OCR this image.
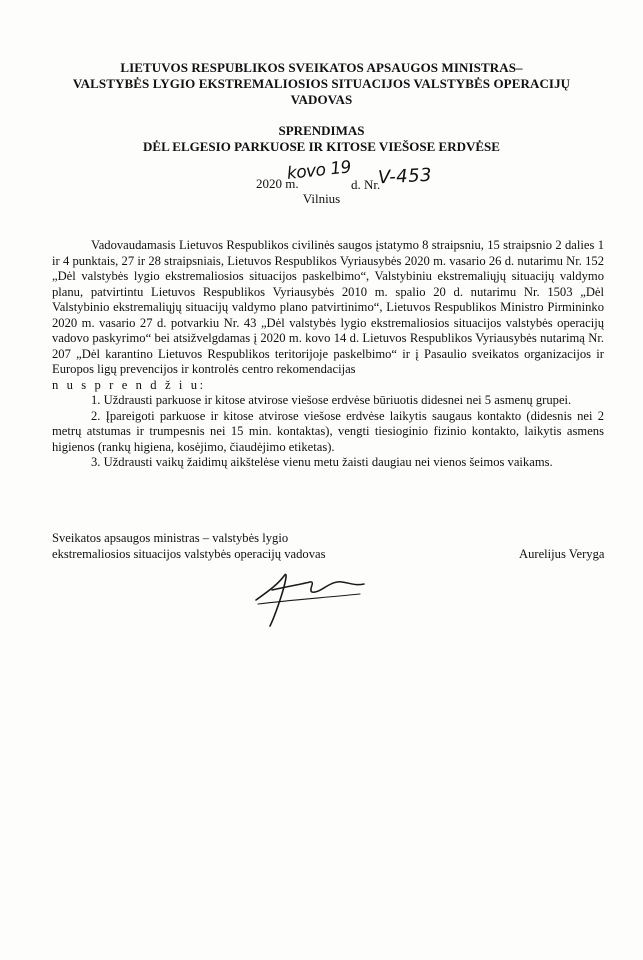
LIETUVOS RESPUBLIKOS SVEIKATOS APSAUGOS MINISTRAS–
VALSTYBĖS LYGIO EKSTREMALIOSIOS SITUACIJOS VALSTYBĖS OPERACIJŲ
VADOVAS
SPRENDIMAS
DĖL ELGESIO PARKUOSE IR KITOSE VIEŠOSE ERDVĖSE
2020 m.
kovo 19
d. Nr.
V-453
Vilnius

Vadovaudamasis Lietuvos Respublikos civilinės saugos įstatymo 8 straipsniu, 15 straipsnio 2 dalies 1 ir 4 punktais, 27 ir 28 straipsniais, Lietuvos Respublikos Vyriausybės 2020 m. vasario 26 d. nutarimu Nr. 152 „Dėl valstybės lygio ekstremaliosios situacijos paskelbimo“, Valstybiniu ekstremaliųjų situacijų valdymo planu, patvirtintu Lietuvos Respublikos Vyriausybės 2010 m. spalio 20 d. nutarimu Nr. 1503 „Dėl Valstybinio ekstremaliųjų situacijų valdymo plano patvirtinimo“, Lietuvos Respublikos Ministro Pirmininko 2020 m. vasario 27 d. potvarkiu Nr. 43 „Dėl valstybės lygio ekstremaliosios situacijos valstybės operacijų vadovo paskyrimo“ bei atsižvelgdamas į 2020 m. kovo 14 d. Lietuvos Respublikos Vyriausybės nutarimą Nr. 207 „Dėl karantino Lietuvos Respublikos teritorijoje paskelbimo“ ir į Pasaulio sveikatos organizacijos ir Europos ligų prevencijos ir kontrolės centro rekomendacijas

n u s p r e n d ž i u:

1. Uždrausti parkuose ir kitose atvirose viešose erdvėse būriuotis didesnei nei 5 asmenų grupei.

2. Įpareigoti parkuose ir kitose atvirose viešose erdvėse laikytis saugaus kontakto (didesnis nei 2 metrų atstumas ir trumpesnis nei 15 min. kontaktas), vengti tiesioginio fizinio kontakto, laikytis asmens higienos (rankų higiena, kosėjimo, čiaudėjimo etiketas).

3. Uždrausti vaikų žaidimų aikštelėse vienu metu žaisti daugiau nei vienos šeimos vaikams.

Sveikatos apsaugos ministras – valstybės lygio
ekstremaliosios situacijos valstybės operacijų vadovas	Aurelijus Veryga
